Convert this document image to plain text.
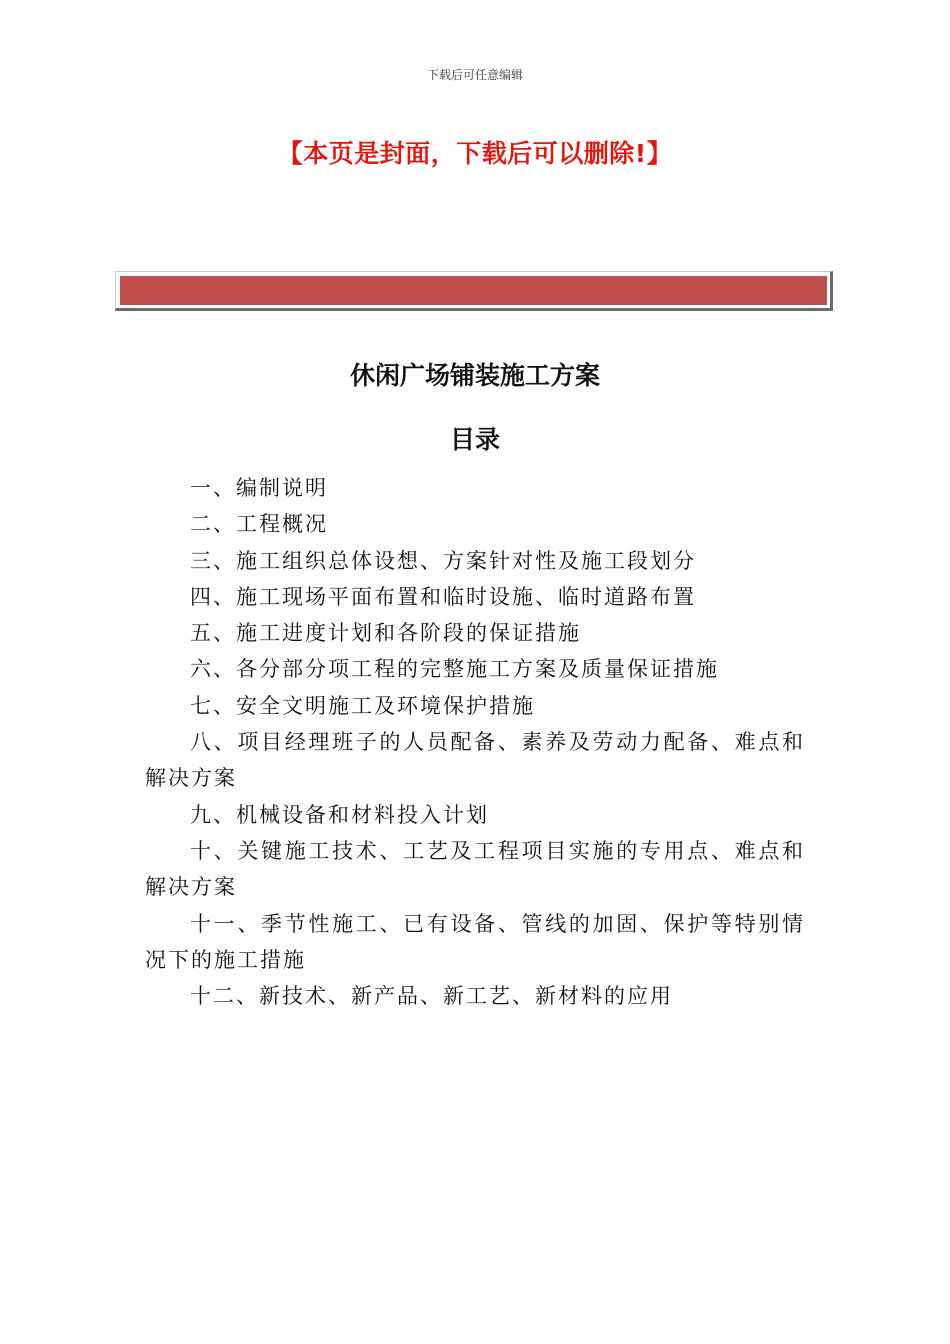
下载后可任意编辑
【本页是封面，下载后可以删除!】
休闲广场铺装施工方案
目录
一、编制说明
二、工程概况
三、施工组织总体设想、方案针对性及施工段划分
四、施工现场平面布置和临时设施、临时道路布置
五、施工进度计划和各阶段的保证措施
六、各分部分项工程的完整施工方案及质量保证措施
七、安全文明施工及环境保护措施
八、项目经理班子的人员配备、素养及劳动力配备、难点和解决方案
九、机械设备和材料投入计划
十、关键施工技术、工艺及工程项目实施的专用点、难点和解决方案
十一、季节性施工、已有设备、管线的加固、保护等特别情况下的施工措施
十二、新技术、新产品、新工艺、新材料的应用
